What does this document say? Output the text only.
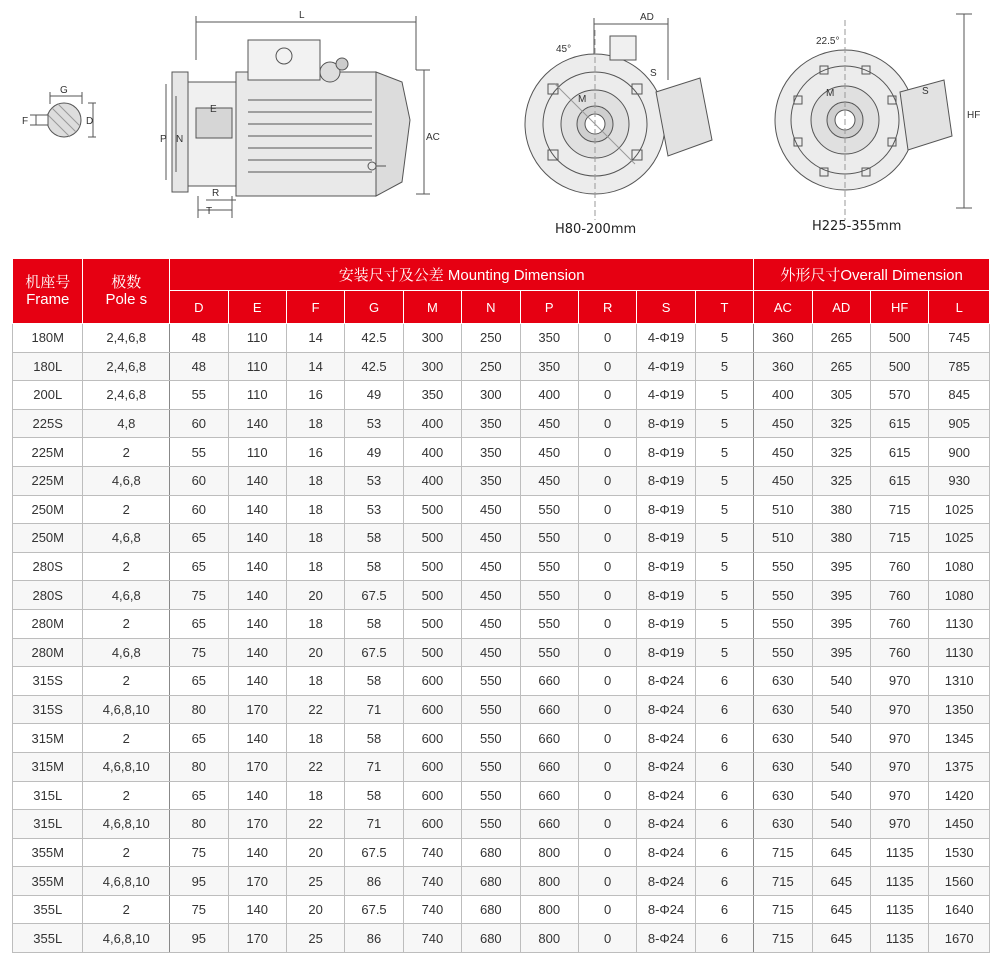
G
F	D
L
AC
P N
E
R
T
AD
45°
M
S
22.5°
HF
M	S
H80-200mm	H225-355mm
机座号
Frame	极数
Pole s	安装尺寸及公差 Mounting Dimension										外形尺寸Overall Dimension			
		D	E	F	G	M	N	P	R	S	T	AC	AD	HF	L
180M	2,4,6,8	48	110	14	42.5	300	250	350	0	4-Φ19	5	360	265	500	745
180L	2,4,6,8	48	110	14	42.5	300	250	350	0	4-Φ19	5	360	265	500	785
200L	2,4,6,8	55	110	16	49	350	300	400	0	4-Φ19	5	400	305	570	845
225S	4,8	60	140	18	53	400	350	450	0	8-Φ19	5	450	325	615	905
225M	2	55	110	16	49	400	350	450	0	8-Φ19	5	450	325	615	900
225M	4,6,8	60	140	18	53	400	350	450	0	8-Φ19	5	450	325	615	930
250M	2	60	140	18	53	500	450	550	0	8-Φ19	5	510	380	715	1025
250M	4,6,8	65	140	18	58	500	450	550	0	8-Φ19	5	510	380	715	1025
280S	2	65	140	18	58	500	450	550	0	8-Φ19	5	550	395	760	1080
280S	4,6,8	75	140	20	67.5	500	450	550	0	8-Φ19	5	550	395	760	1080
280M	2	65	140	18	58	500	450	550	0	8-Φ19	5	550	395	760	1130
280M	4,6,8	75	140	20	67.5	500	450	550	0	8-Φ19	5	550	395	760	1130
315S	2	65	140	18	58	600	550	660	0	8-Φ24	6	630	540	970	1310
315S	4,6,8,10	80	170	22	71	600	550	660	0	8-Φ24	6	630	540	970	1350
315M	2	65	140	18	58	600	550	660	0	8-Φ24	6	630	540	970	1345
315M	4,6,8,10	80	170	22	71	600	550	660	0	8-Φ24	6	630	540	970	1375
315L	2	65	140	18	58	600	550	660	0	8-Φ24	6	630	540	970	1420
315L	4,6,8,10	80	170	22	71	600	550	660	0	8-Φ24	6	630	540	970	1450
355M	2	75	140	20	67.5	740	680	800	0	8-Φ24	6	715	645	1135	1530
355M	4,6,8,10	95	170	25	86	740	680	800	0	8-Φ24	6	715	645	1135	1560
355L	2	75	140	20	67.5	740	680	800	0	8-Φ24	6	715	645	1135	1640
355L	4,6,8,10	95	170	25	86	740	680	800	0	8-Φ24	6	715	645	1135	1670
